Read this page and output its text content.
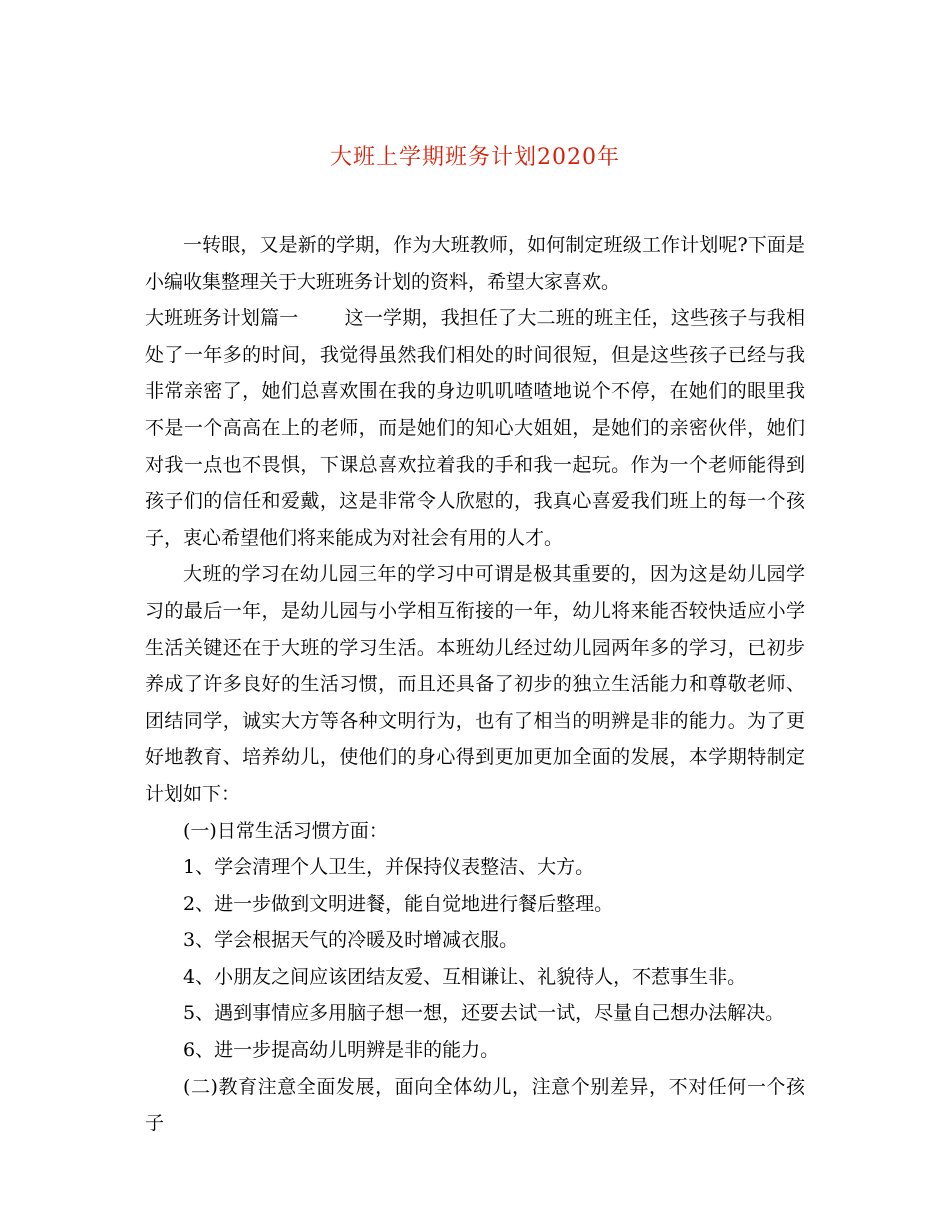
大班上学期班务计划2020年

一转眼，又是新的学期，作为大班教师，如何制定班级工作计划呢?下面是小编收集整理关于大班班务计划的资料，希望大家喜欢。

大班班务计划篇一 这一学期，我担任了大二班的班主任，这些孩子与我相处了一年多的时间，我觉得虽然我们相处的时间很短，但是这些孩子已经与我非常亲密了，她们总喜欢围在我的身边叽叽喳喳地说个不停，在她们的眼里我不是一个高高在上的老师，而是她们的知心大姐姐，是她们的亲密伙伴，她们对我一点也不畏惧，下课总喜欢拉着我的手和我一起玩。作为一个老师能得到孩子们的信任和爱戴，这是非常令人欣慰的，我真心喜爱我们班上的每一个孩子，衷心希望他们将来能成为对社会有用的人才。

大班的学习在幼儿园三年的学习中可谓是极其重要的，因为这是幼儿园学习的最后一年，是幼儿园与小学相互衔接的一年，幼儿将来能否较快适应小学生活关键还在于大班的学习生活。本班幼儿经过幼儿园两年多的学习，已初步养成了许多良好的生活习惯，而且还具备了初步的独立生活能力和尊敬老师、团结同学，诚实大方等各种文明行为，也有了相当的明辨是非的能力。为了更好地教育、培养幼儿，使他们的身心得到更加更加全面的发展，本学期特制定计划如下：

(一)日常生活习惯方面：

1、学会清理个人卫生，并保持仪表整洁、大方。

2、进一步做到文明进餐，能自觉地进行餐后整理。

3、学会根据天气的冷暖及时增减衣服。

4、小朋友之间应该团结友爱、互相谦让、礼貌待人，不惹事生非。

5、遇到事情应多用脑子想一想，还要去试一试，尽量自己想办法解决。

6、进一步提高幼儿明辨是非的能力。

(二)教育注意全面发展，面向全体幼儿，注意个别差异，不对任何一个孩子
